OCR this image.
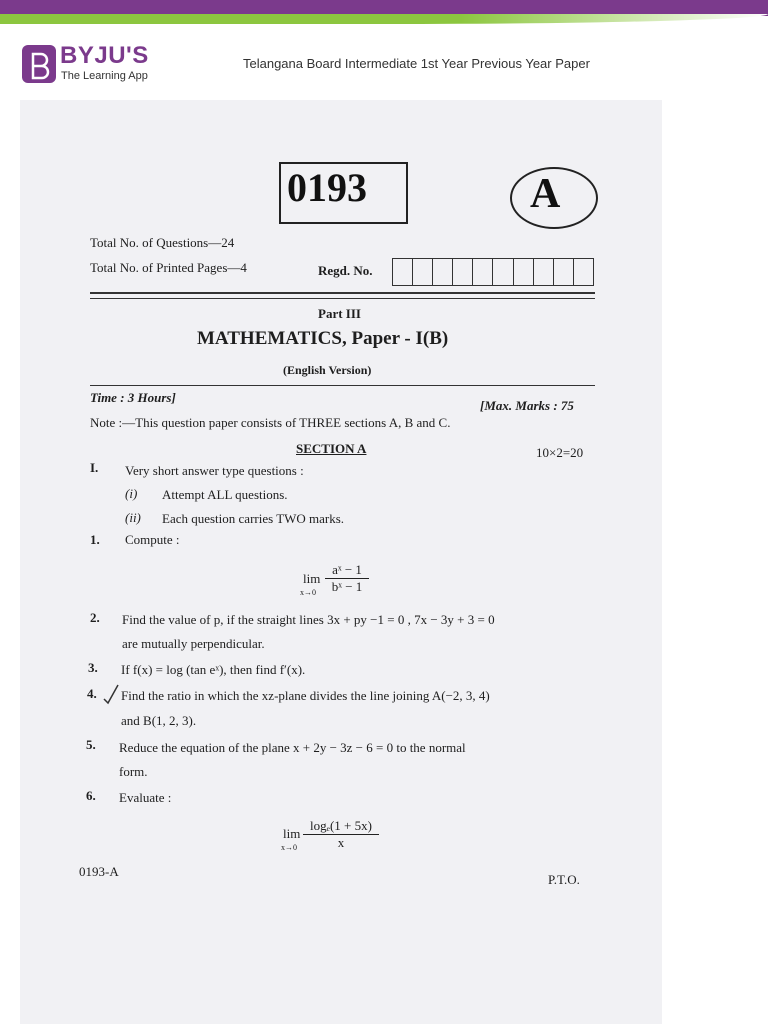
BYJU'S
The Learning App
Telangana Board Intermediate 1st Year Previous Year Paper
0193	A
Total No. of Questions—24
Total No. of Printed Pages—4	Regd. No.
Part III
MATHEMATICS, Paper - I(B)
(English Version)
Time : 3 Hours]
[Max. Marks : 75
Note :—This question paper consists of THREE sections A, B and C.
SECTION A	10×2=20
I. Very short answer type questions :
(i) Attempt ALL questions.
(ii) Each question carries TWO marks.
1. Compute :
lim
$x\to 0 \frac{\text{aˣ − 1}}{\text{bˣ − 1}}$
2. Find the value of p, if the straight lines 3x + py −1 = 0 , 7x − 3y + 3 = 0
are mutually perpendicular.
3. If f(x) = log (tan eˣ), then find f′(x).
4. Find the ratio in which the xz-plane divides the line joining A(−2, 3, 4)
and B(1, 2, 3).
5. Reduce the equation of the plane x + 2y − 3z − 6 = 0 to the normal
form.
6. Evaluate :
lim
$x\to 0 \frac{\text{logₑ(1 + 5x)}}{x}$
0193-A
P.T.O.
